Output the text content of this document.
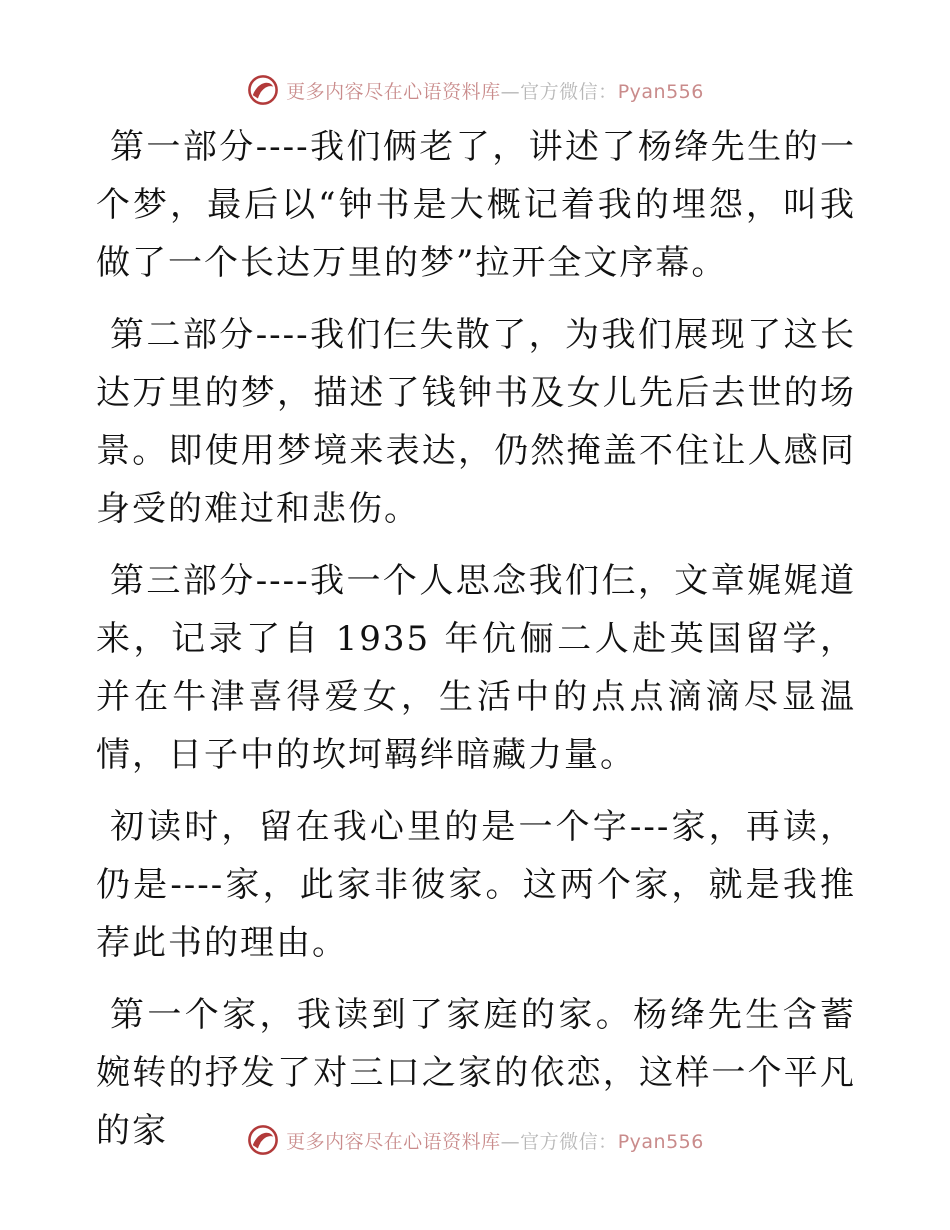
更多内容尽在心语资料库—官方微信：Pyan556

第一部分----我们俩老了，讲述了杨绛先生的一个梦，最后以“钟书是大概记着我的埋怨，叫我做了一个长达万里的梦”拉开全文序幕。

第二部分----我们仨失散了，为我们展现了这长达万里的梦，描述了钱钟书及女儿先后去世的场景。即使用梦境来表达，仍然掩盖不住让人感同身受的难过和悲伤。

第三部分----我一个人思念我们仨，文章娓娓道来，记录了自 1935 年伉俪二人赴英国留学，并在牛津喜得爱女，生活中的点点滴滴尽显温情，日子中的坎坷羁绊暗藏力量。

初读时，留在我心里的是一个字---家，再读，仍是----家，此家非彼家。这两个家，就是我推荐此书的理由。

第一个家，我读到了家庭的家。杨绛先生含蓄婉转的抒发了对三口之家的依恋，这样一个平凡的家	更多内容尽在心语资料库—官方微信：Pyan556
